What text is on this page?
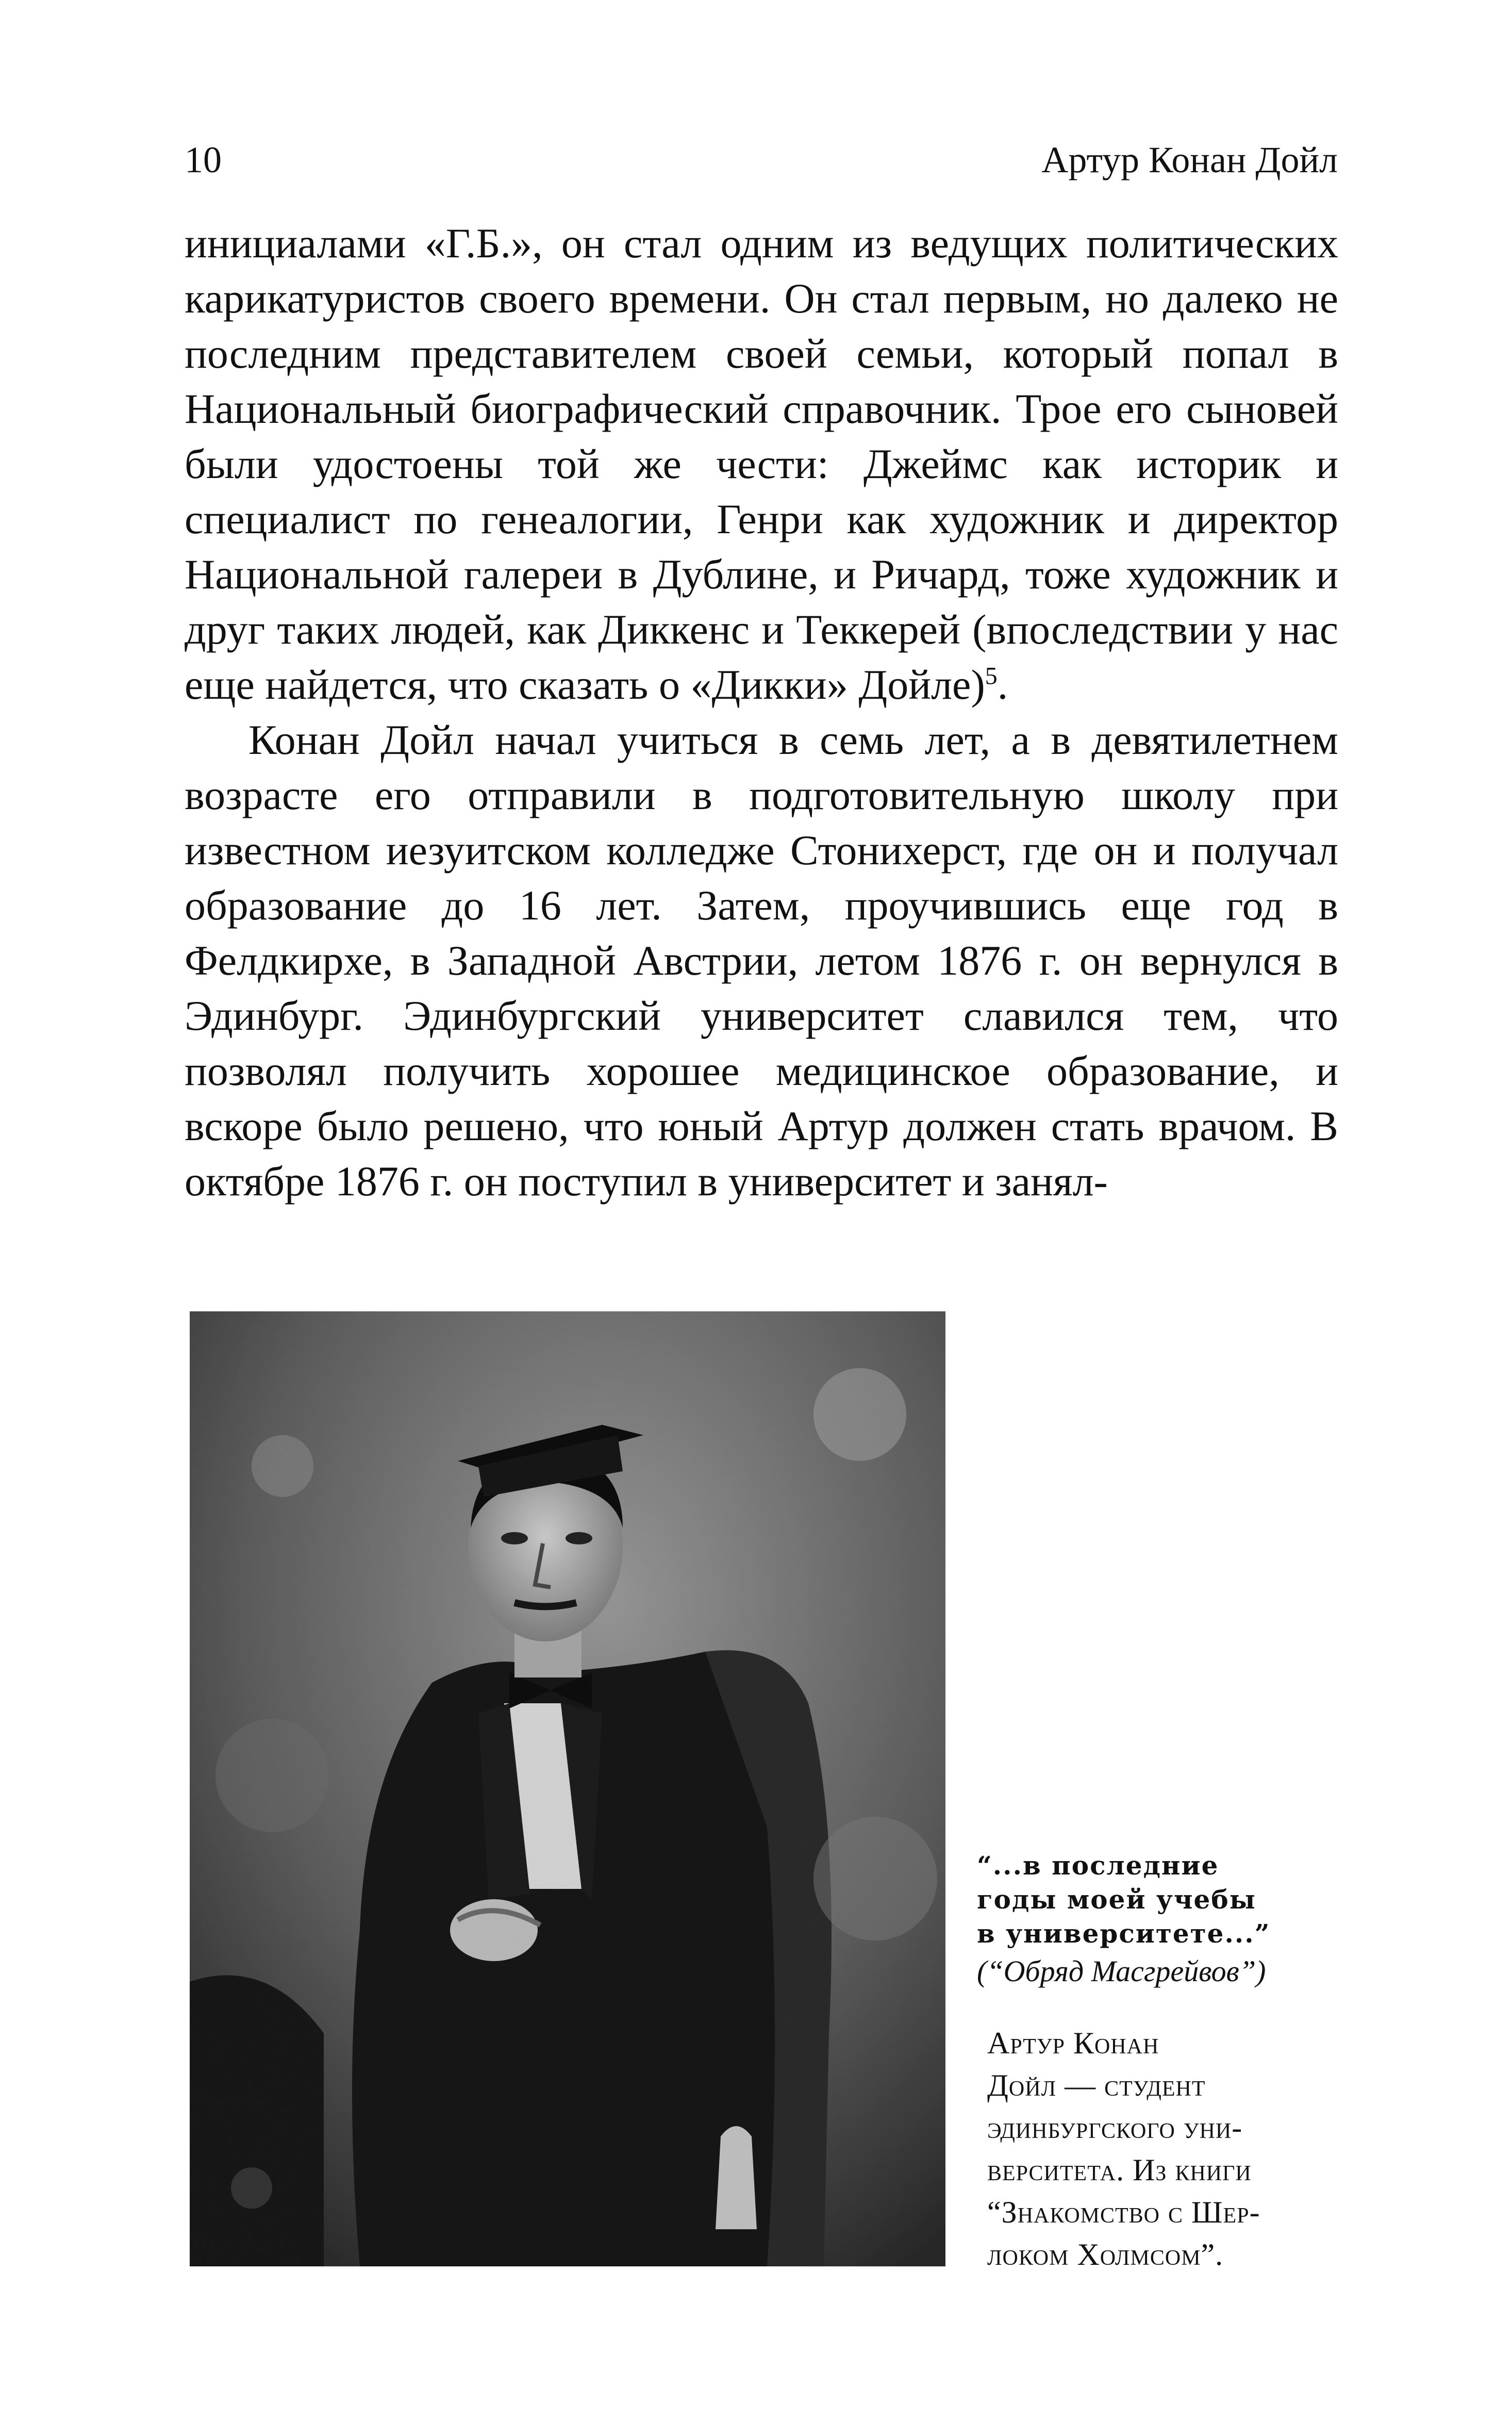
10	Артур Конан Дойл

инициалами «Г.Б.», он стал одним из ведущих политических карикатуристов своего времени. Он стал первым, но далеко не последним представителем своей семьи, который попал в Национальный биографический справочник. Трое его сыновей были удостоены той же чести: Джеймс как историк и специалист по генеалогии, Генри как художник и директор Национальной галереи в Дублине, и Ричард, тоже художник и друг таких людей, как Диккенс и Теккерей (впоследствии у нас еще найдется, что сказать о «Дикки» Дойле)$^5$.

Конан Дойл начал учиться в семь лет, а в девятилетнем возрасте его отправили в подготовительную школу при известном иезуитском колледже Стонихерст, где он и получал образование до 16 лет. Затем, проучившись еще год в Фелдкирхе, в Западной Австрии, летом 1876 г. он вернулся в Эдинбург. Эдинбургский университет славился тем, что позволял получить хорошее медицинское образование, и вскоре было решено, что юный Артур должен стать врачом. В октябре 1876 г. он поступил в университет и занял-

“...в последние
годы моей учебы
в университете...”
(“Обряд Масгрейвов”)
Артур Конан
Дойл — студент
эдинбургского уни-
верситета. Из книги
“Знакомство с Шер-
локом Холмсом”.
